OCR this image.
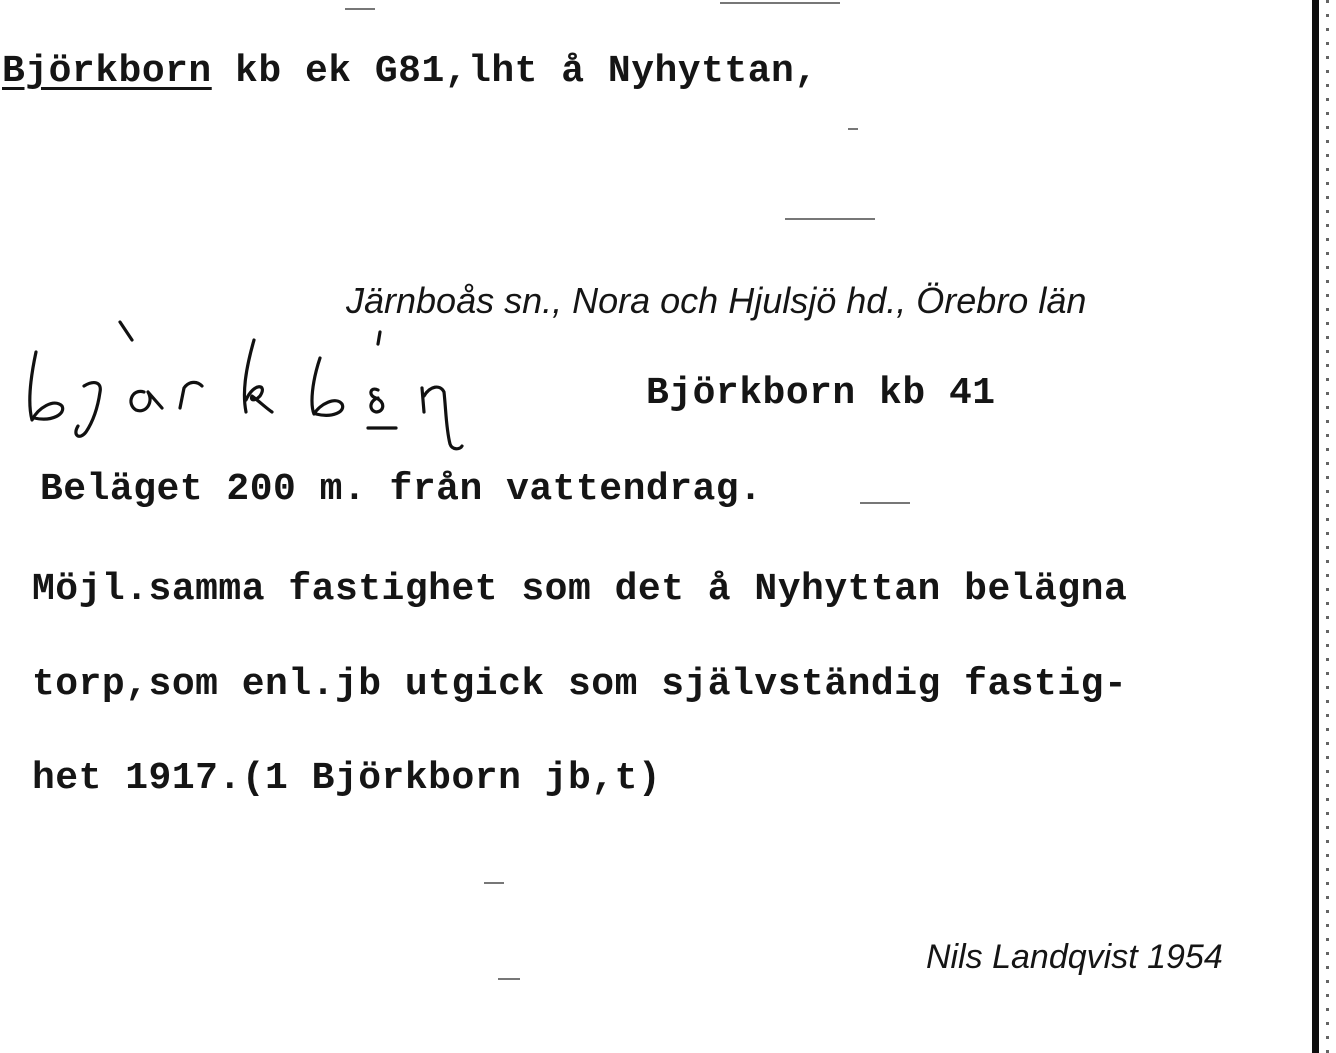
Björkborn kb ek G81,lht å Nyhyttan,
Järnboås sn., Nora och Hjulsjö hd., Örebro län
Björkborn kb 41
Beläget 200 m. från vattendrag.
Möjl.samma fastighet som det å Nyhyttan belägna
torp,som enl.jb utgick som självständig fastig-
het 1917.(1 Björkborn jb,t)
Nils Landqvist 1954
